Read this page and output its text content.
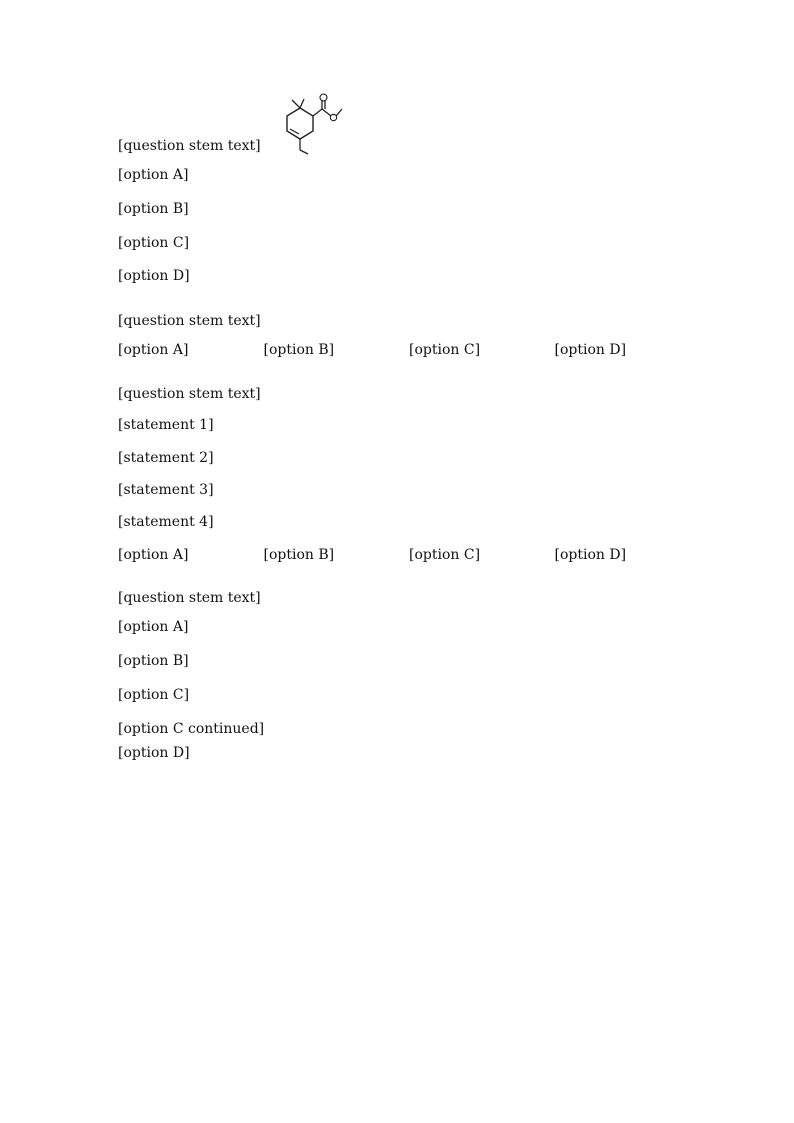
[question stem text]
[option A]
[option B]
[option C]
[option D]
[question stem text]
[option A]	[option B]	[option C]	[option D]
[question stem text]
[statement 1]
[statement 2]
[statement 3]
[statement 4]
[option A]	[option B]	[option C]	[option D]
[question stem text]
[option A]
[option B]
[option C]
[option C continued]
[option D]
